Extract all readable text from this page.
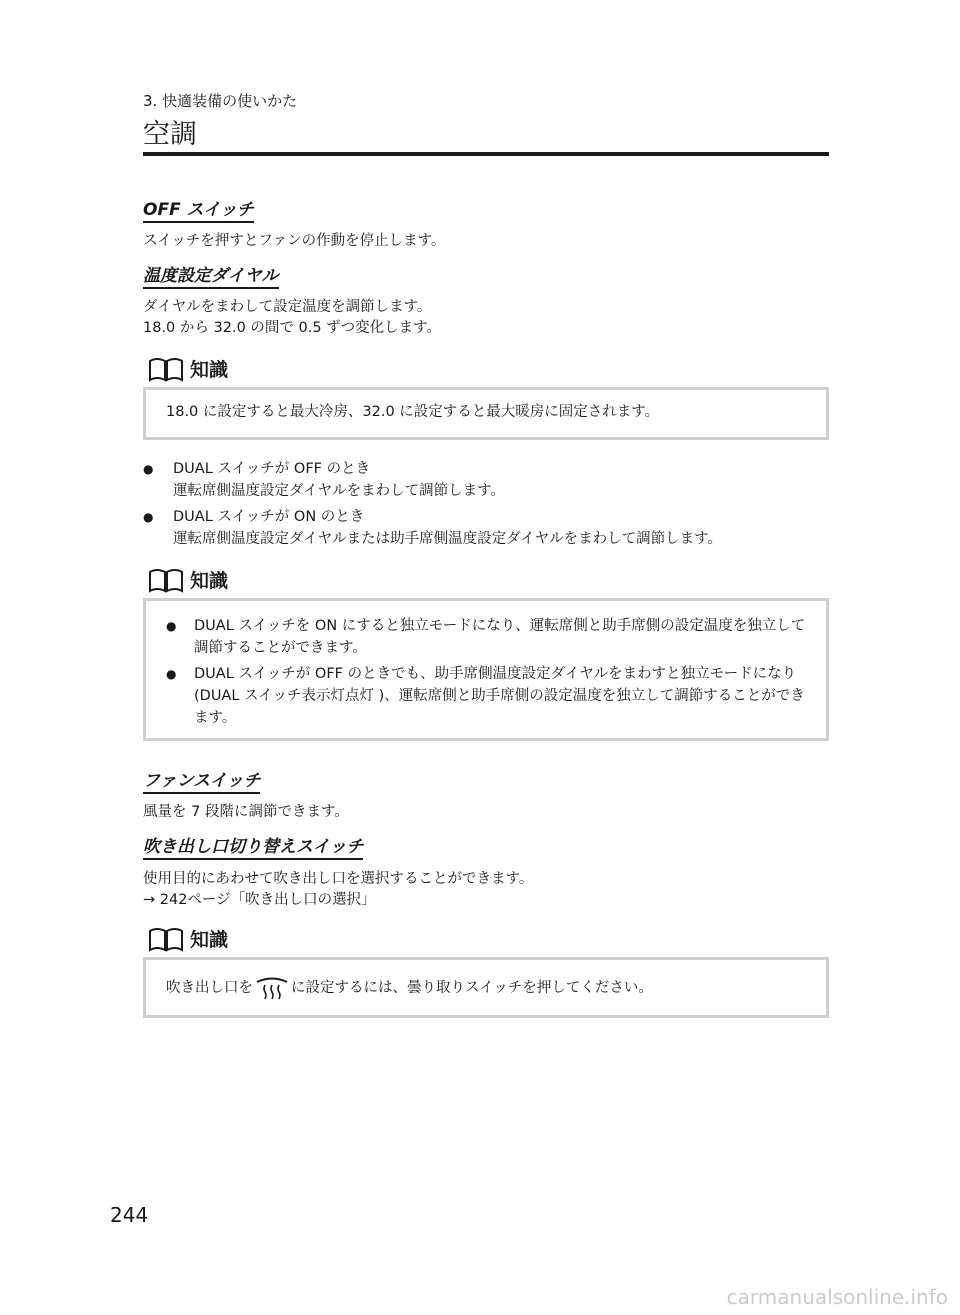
3. 快適装備の使いかた
空調
OFF スイッチ
スイッチを押すとファンの作動を停止します。
温度設定ダイヤル
ダイヤルをまわして設定温度を調節します。
18.0 から 32.0 の間で 0.5 ずつ変化します。
知識
18.0 に設定すると最大冷房、32.0 に設定すると最大暖房に固定されます。
● DUAL スイッチが OFF のとき
運転席側温度設定ダイヤルをまわして調節します。
● DUAL スイッチが ON のとき
運転席側温度設定ダイヤルまたは助手席側温度設定ダイヤルをまわして調節します。
知識
● DUAL スイッチを ON にすると独立モードになり、運転席側と助手席側の設定温度を独立して調節することができます。
● DUAL スイッチが OFF のときでも、助手席側温度設定ダイヤルをまわすと独立モードになり (DUAL スイッチ表示灯点灯 )、運転席側と助手席側の設定温度を独立して調節することができます。
ファンスイッチ
風量を 7 段階に調節できます。
吹き出し口切り替えスイッチ
使用目的にあわせて吹き出し口を選択することができます。
→ 242ページ「吹き出し口の選択」
知識
吹き出し口を	に設定するには、曇り取りスイッチを押してください。
244
carmanualsonline.info
